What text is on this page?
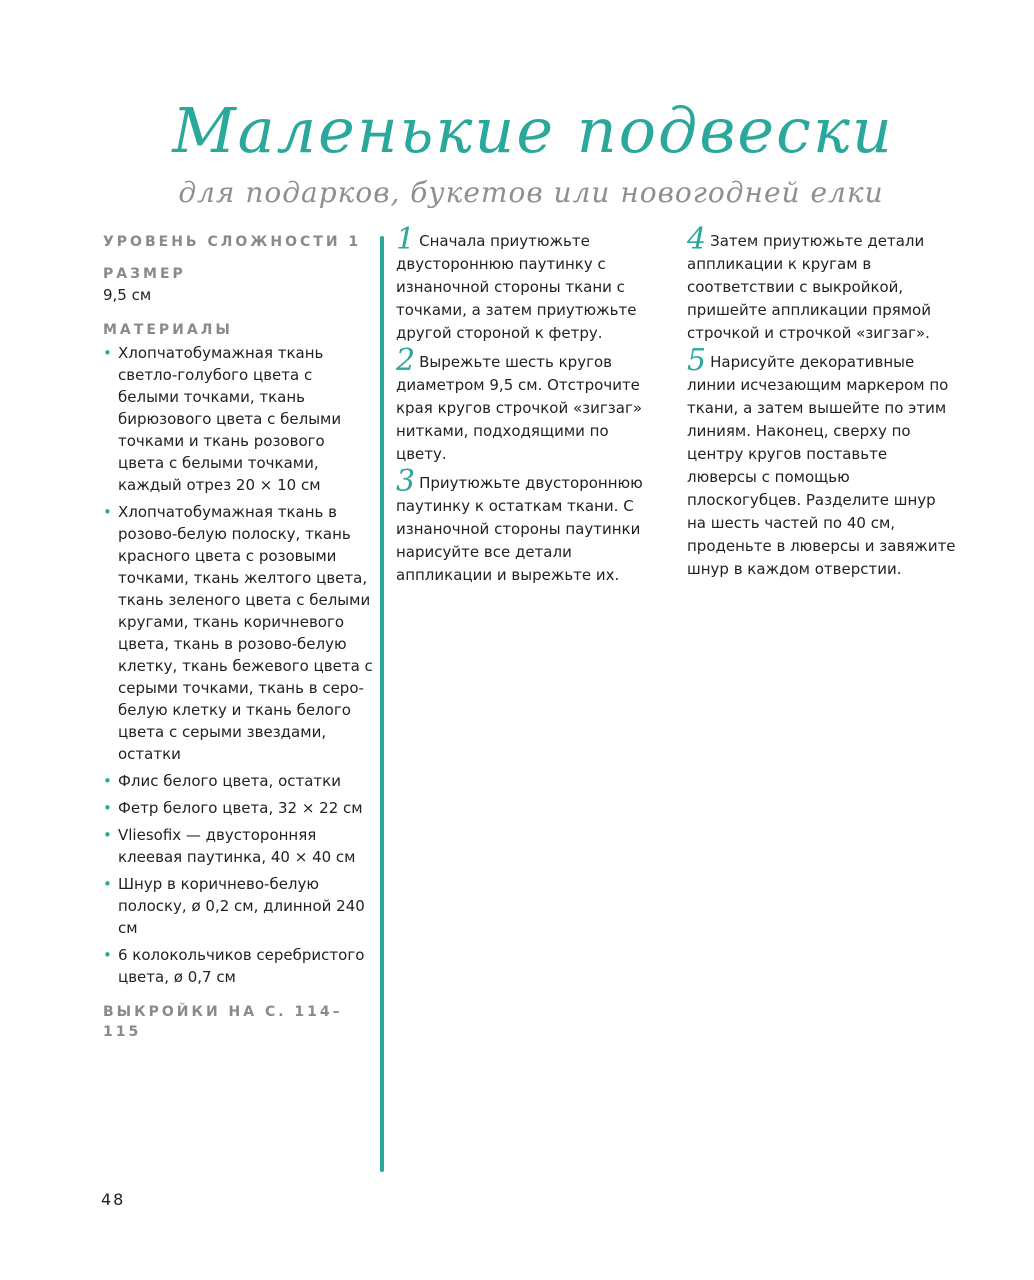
Маленькие подвески
для подарков, букетов или новогодней елки
УРОВЕНЬ СЛОЖНОСТИ 1
РАЗМЕР
9,5 см
МАТЕРИАЛЫ
• Хлопчатобумажная ткань светло-голубого цвета с белыми точками, ткань бирюзового цвета с белыми точками и ткань розового цвета с белыми точками, каждый отрез 20 × 10 см
• Хлопчатобумажная ткань в розово-белую полоску, ткань красного цвета с розовыми точками, ткань желтого цвета, ткань зеленого цвета с белыми кругами, ткань коричневого цвета, ткань в розово-белую клетку, ткань бежевого цвета с серыми точками, ткань в серо-белую клетку и ткань белого цвета с серыми звездами, остатки
• Флис белого цвета, остатки
• Фетр белого цвета, 32 × 22 см
• Vliesofix — двусторонняя клеевая паутинка, 40 × 40 см
• Шнур в коричнево-белую полоску, ø 0,2 см, длинной 240 см
• 6 колокольчиков серебристого цвета, ø 0,7 см
ВЫКРОЙКИ НА С. 114–115
1 Сначала приутюжьте двустороннюю паутинку с изнаночной стороны ткани с точками, а затем приутюжьте другой стороной к фетру.
2 Вырежьте шесть кругов диаметром 9,5 см. Отстрочите края кругов строчкой «зигзаг» нитками, подходящими по цвету.
3 Приутюжьте двустороннюю паутинку к остаткам ткани. С изнаночной стороны паутинки нарисуйте все детали аппликации и вырежьте их.
4 Затем приутюжьте детали аппликации к кругам в соответствии с выкройкой, пришейте аппликации прямой строчкой и строчкой «зигзаг».
5 Нарисуйте декоративные линии исчезающим маркером по ткани, а затем вышейте по этим линиям. Наконец, сверху по центру кругов поставьте люверсы с помощью плоскогубцев. Разделите шнур на шесть частей по 40 см, проденьте в люверсы и завяжите шнур в каждом отверстии.
48
